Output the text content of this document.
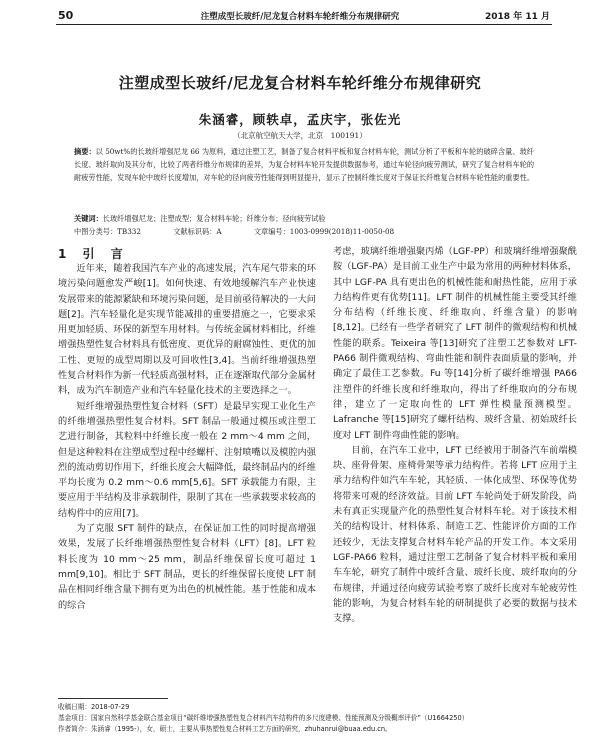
50	注塑成型长玻纤/尼龙复合材料车轮纤维分布规律研究	2018 年 11 月
注塑成型长玻纤/尼龙复合材料车轮纤维分布规律研究
朱涵睿，顾轶卓，孟庆宇，张佐光
（北京航空航天大学，北京　100191）
摘要：以 50wt%的长玻纤增强尼龙 66 为原料，通过注塑工艺，制备了复合材料平板和复合材料车轮，测试分析了平板和车轮的破碎含量、玻纤长度、玻纤取向及其分布，比较了两者纤维分布规律的差异，为复合材料车轮开发提供数据参考，通过车轮径向疲劳测试，研究了复合材料车轮的耐疲劳性能，发现车轮中玻纤长度增加，对车轮的径向疲劳性能得到明显提升，显示了控制纤维长度对于保证长纤维复合材料车轮性能的重要性。
关键词：长玻纤增强尼龙；注塑成型；复合材料车轮；纤维分布；径向疲劳试验
中图分类号：TB332	文献标识码：A	文章编号：1003-0999(2018)11-0050-08
1 引 言

近年来，随着我国汽车产业的高速发展，汽车尾气带来的环境污染问题愈发严峻[1]。如何快速、有效地缓解汽车产业快速发展带来的能源紧缺和环境污染问题，是目前亟待解决的一大问题[2]。汽车轻量化是实现节能减排的重要措施之一，它要求采用更加轻质、环保的新型车用材料。与传统金属材料相比，纤维增强热塑性复合材料具有低密度、更优异的耐腐蚀性、更优的加工性、更短的成型周期以及可回收性[3,4]。当前纤维增强热塑性复合材料作为新一代轻质高强材料，正在逐渐取代部分金属材料，成为汽车制造产业和汽车轻量化技术的主要选择之一。

短纤维增强热塑性复合材料（SFT）是最早实现工业化生产的纤维增强热塑性复合材料。SFT 制品一般通过模压或注塑工艺进行制备，其粒料中纤维长度一般在 2 mm～4 mm 之间，但是这种粒料在注塑成型过程中经螺杆、注射喷嘴以及模腔内强烈的流动剪切作用下，纤维长度会大幅降低，最终制品内的纤维平均长度为 0.2 mm～0.6 mm[5,6]。SFT 承载能力有限，主要应用于半结构及非承载制件，限制了其在一些承载要求较高的结构件中的应用[7]。

为了克服 SFT 制件的缺点，在保证加工性的同时提高增强效果，发展了长纤维增强热塑性复合材料（LFT）[8]。LFT 粒料长度为 10 mm～25 mm，制品纤维保留长度可超过 1 mm[9,10]。相比于 SFT 制品，更长的纤维保留长度使 LFT 制品在相同纤维含量下拥有更为出色的机械性能。基于性能和成本的综合

考虑，玻璃纤维增强聚丙烯（LGF-PP）和玻璃纤维增强聚酰胺（LGF-PA）是目前工业生产中最为常用的两种材料体系，其中 LGF-PA 具有更出色的机械性能和耐热性能，应用于承力结构件更有优势[11]。LFT 制件的机械性能主要受其纤维分布结构（纤维长度、纤维取向、纤维含量）的影响[8,12]。已经有一些学者研究了 LFT 制件的微观结构和机械性能的联系。Teixeira 等[13]研究了注塑工艺参数对 LFT-PA66 制件微观结构、弯曲性能和制件表面质量的影响，并确定了最佳工艺参数。Fu 等[14]分析了碳纤维增强 PA66 注塑件的纤维长度和纤维取向，得出了纤维取向的分布规律，建立了一定取向性的 LFT 弹性模量预测模型。Lafranche 等[15]研究了螺杆结构、玻纤含量、初始玻纤长度对 LFT 制件弯曲性能的影响。

目前，在汽车工业中，LFT 已经被用于制备汽车前端模块、座骨骨架、座椅骨架等承力结构件。若将 LFT 应用于主承力结构件如汽车车轮，其轻质、一体化成型、环保等优势将带来可观的经济效益。目前 LFT 车轮尚处于研发阶段，尚未有真正实现量产化的热塑性复合材料车轮。对于该技术相关的结构设计、材料体系、制造工艺、性能评价方面的工作还较少，无法支撑复合材料车轮产品的开发工作。本文采用 LGF-PA66 粒料，通过注塑工艺制备了复合材料平板和乘用车车轮，研究了制件中玻纤含量、玻纤长度、玻纤取向的分布规律，并通过径向疲劳试验考察了玻纤长度对车轮疲劳性能的影响，为复合材料车轮的研制提供了必要的数据与技术支撑。

收稿日期：2018-07-29
基金项目：国家自然科学基金联合基金项目“碳纤维增强热塑性复合材料汽车结构件的多尺度建模、性能预测及分级概率评价”（U1664250）
作者简介：朱涵睿（1995-），女，硕士，主要从事热塑性复合材料工艺方面的研究，zhuhanrui@buaa.edu.cn。
